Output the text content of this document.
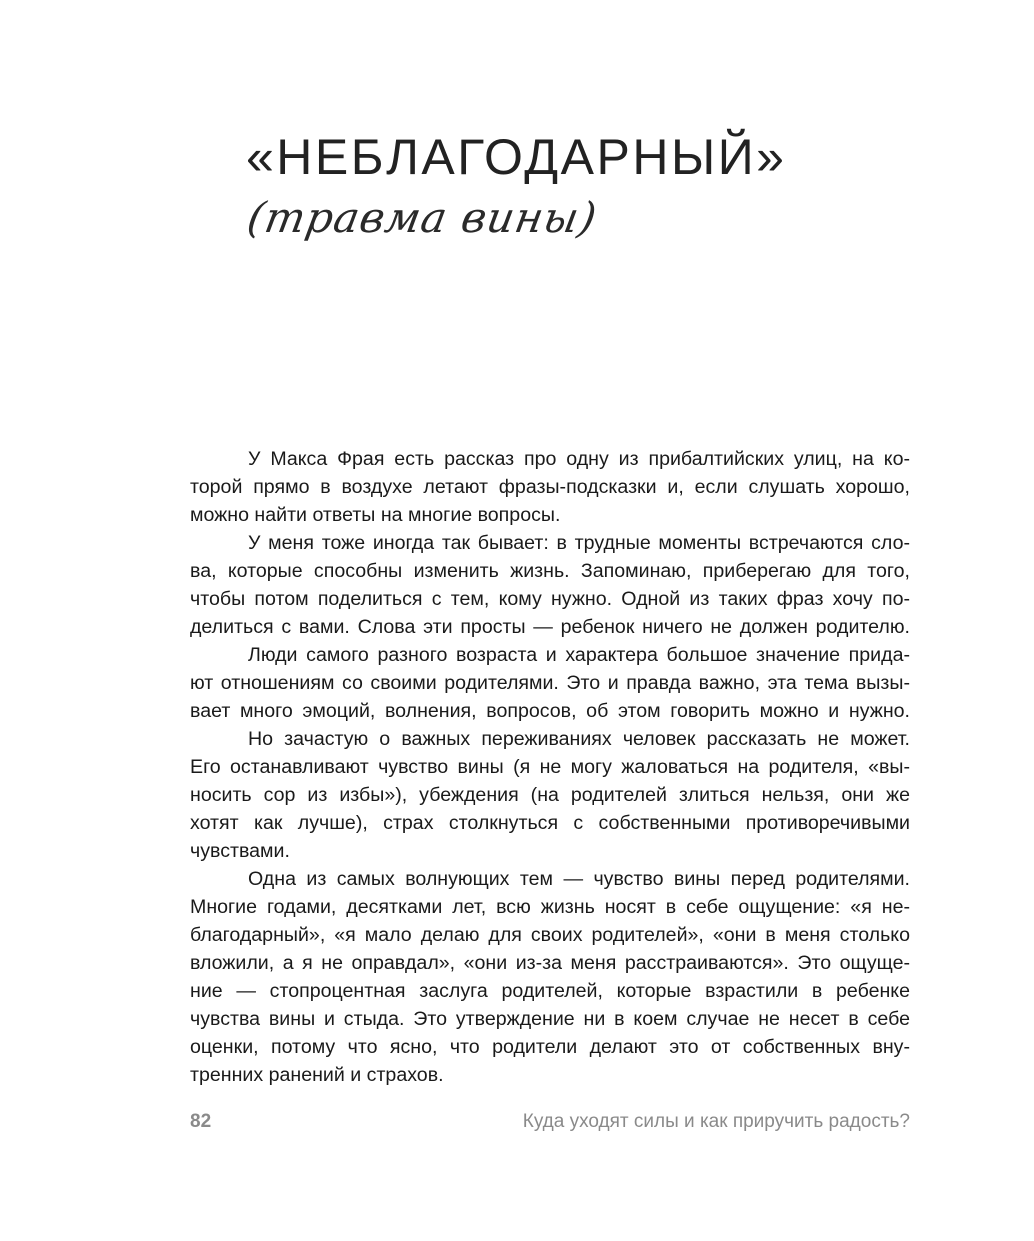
«НЕБЛАГОДАРНЫЙ»
(травма вины)
У Макса Фрая есть рассказ про одну из прибалтийских улиц, на ко-
торой прямо в воздухе летают фразы-подсказки и, если слушать хорошо,
можно найти ответы на многие вопросы.
У меня тоже иногда так бывает: в трудные моменты встречаются сло-
ва, которые способны изменить жизнь. Запоминаю, приберегаю для того,
чтобы потом поделиться с тем, кому нужно. Одной из таких фраз хочу по-
делиться с вами. Слова эти просты — ребенок ничего не должен родителю.
Люди самого разного возраста и характера большое значение прида-
ют отношениям со своими родителями. Это и правда важно, эта тема вызы-
вает много эмоций, волнения, вопросов, об этом говорить можно и нужно.
Но зачастую о важных переживаниях человек рассказать не может.
Его останавливают чувство вины (я не могу жаловаться на родителя, «вы-
носить сор из избы»), убеждения (на родителей злиться нельзя, они же
хотят как лучше), страх столкнуться с собственными противоречивыми
чувствами.
Одна из самых волнующих тем — чувство вины перед родителями.
Многие годами, десятками лет, всю жизнь носят в себе ощущение: «я не-
благодарный», «я мало делаю для своих родителей», «они в меня столько
вложили, а я не оправдал», «они из-за меня расстраиваются». Это ощуще-
ние — стопроцентная заслуга родителей, которые взрастили в ребенке
чувства вины и стыда. Это утверждение ни в коем случае не несет в себе
оценки, потому что ясно, что родители делают это от собственных вну-
тренних ранений и страхов.
82	Куда уходят силы и как приручить радость?
